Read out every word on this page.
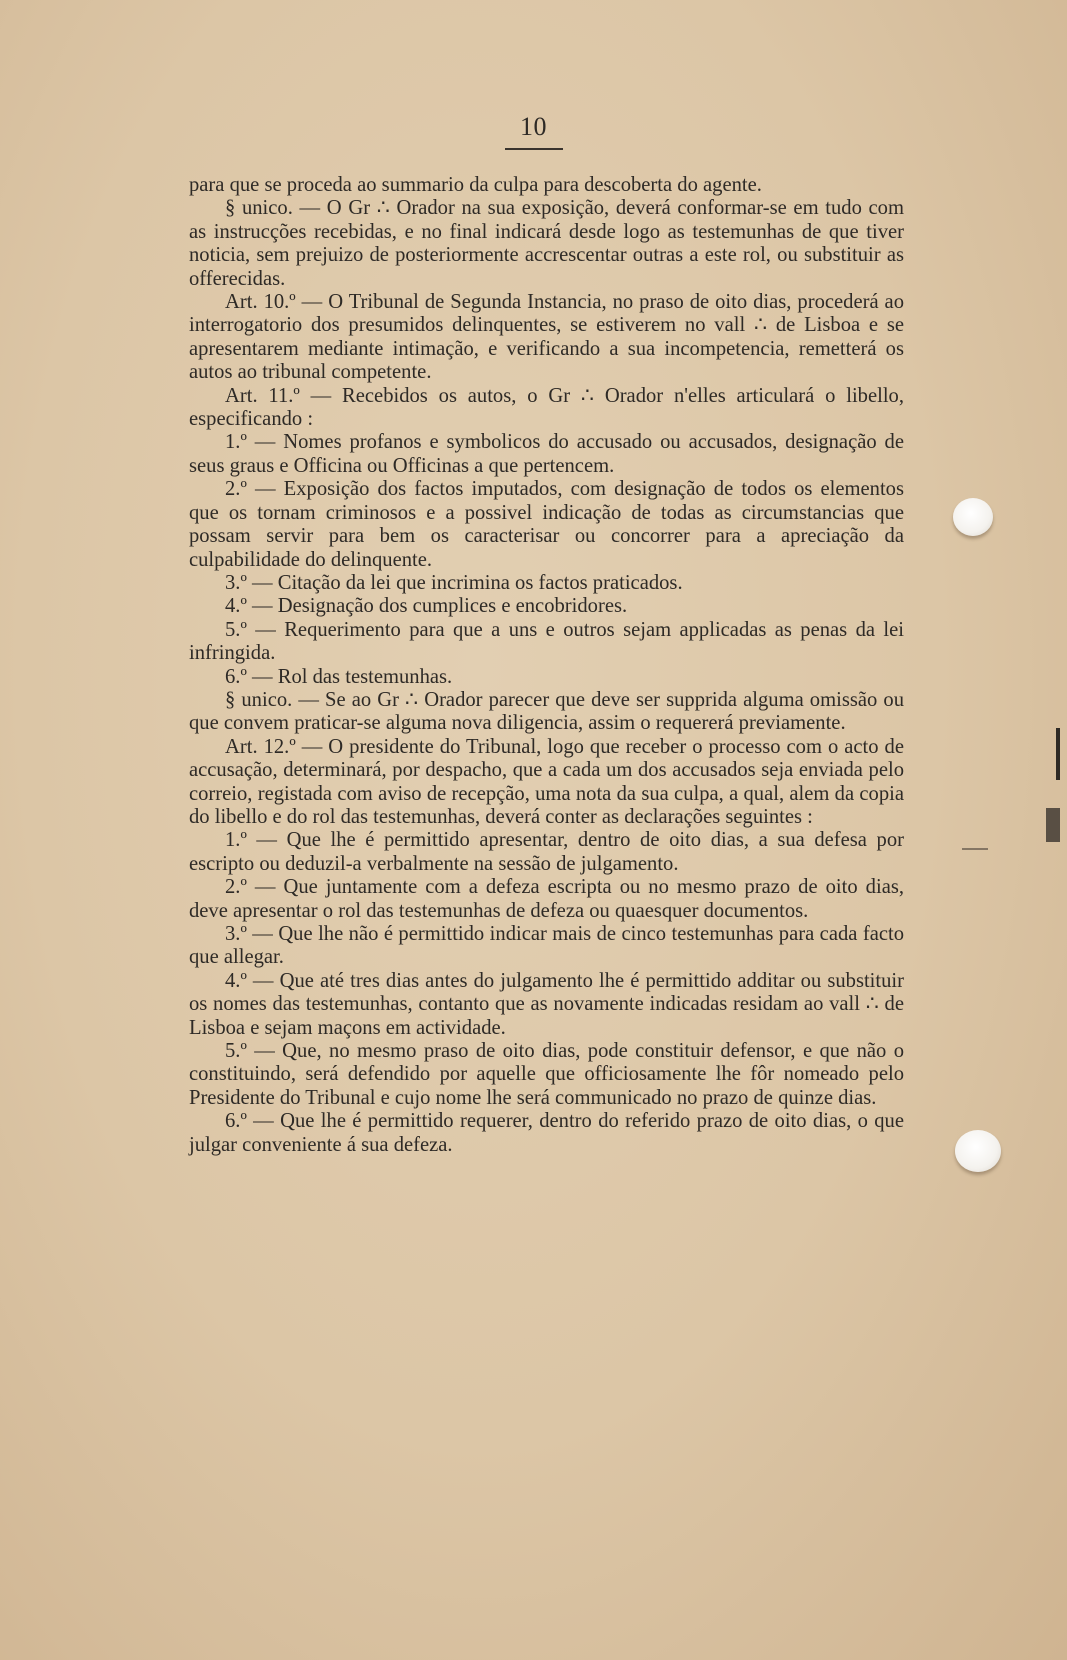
10

para que se proceda ao summario da culpa para descoberta do agente.

§ unico. — O Gr ∴ Orador na sua exposição, deverá conformar-se em tudo com as instrucções recebidas, e no final indicará desde logo as testemunhas de que tiver noticia, sem prejuizo de posteriormente accrescentar outras a este rol, ou substituir as offerecidas.

Art. 10.º — O Tribunal de Segunda Instancia, no praso de oito dias, procederá ao interrogatorio dos presumidos delinquentes, se estiverem no vall ∴ de Lisboa e se apresentarem mediante intimação, e verificando a sua incompetencia, remetterá os autos ao tribunal competente.

Art. 11.º — Recebidos os autos, o Gr ∴ Orador n'elles articulará o libello, especificando :

1.º — Nomes profanos e symbolicos do accusado ou accusados, designação de seus graus e Officina ou Officinas a que pertencem.

2.º — Exposição dos factos imputados, com designação de todos os elementos que os tornam criminosos e a possivel indicação de todas as circumstancias que possam servir para bem os caracterisar ou concorrer para a apreciação da culpabilidade do delinquente.

3.º — Citação da lei que incrimina os factos praticados.

4.º — Designação dos cumplices e encobridores.

5.º — Requerimento para que a uns e outros sejam applicadas as penas da lei infringida.

6.º — Rol das testemunhas.

§ unico. — Se ao Gr ∴ Orador parecer que deve ser supprida alguma omissão ou que convem praticar-se alguma nova diligencia, assim o requererá previamente.

Art. 12.º — O presidente do Tribunal, logo que receber o processo com o acto de accusação, determinará, por despacho, que a cada um dos accusados seja enviada pelo correio, registada com aviso de recepção, uma nota da sua culpa, a qual, alem da copia do libello e do rol das testemunhas, deverá conter as declarações seguintes :

1.º — Que lhe é permittido apresentar, dentro de oito dias, a sua defesa por escripto ou deduzil-a verbalmente na sessão de julgamento.

2.º — Que juntamente com a defeza escripta ou no mesmo prazo de oito dias, deve apresentar o rol das testemunhas de defeza ou quaesquer documentos.

3.º — Que lhe não é permittido indicar mais de cinco testemunhas para cada facto que allegar.

4.º — Que até tres dias antes do julgamento lhe é permittido additar ou substituir os nomes das testemunhas, contanto que as novamente indicadas residam ao vall ∴ de Lisboa e sejam maçons em actividade.

5.º — Que, no mesmo praso de oito dias, pode constituir defensor, e que não o constituindo, será defendido por aquelle que officiosamente lhe fôr nomeado pelo Presidente do Tribunal e cujo nome lhe será communicado no prazo de quinze dias.

6.º — Que lhe é permittido requerer, dentro do referido prazo de oito dias, o que julgar conveniente á sua defeza.
